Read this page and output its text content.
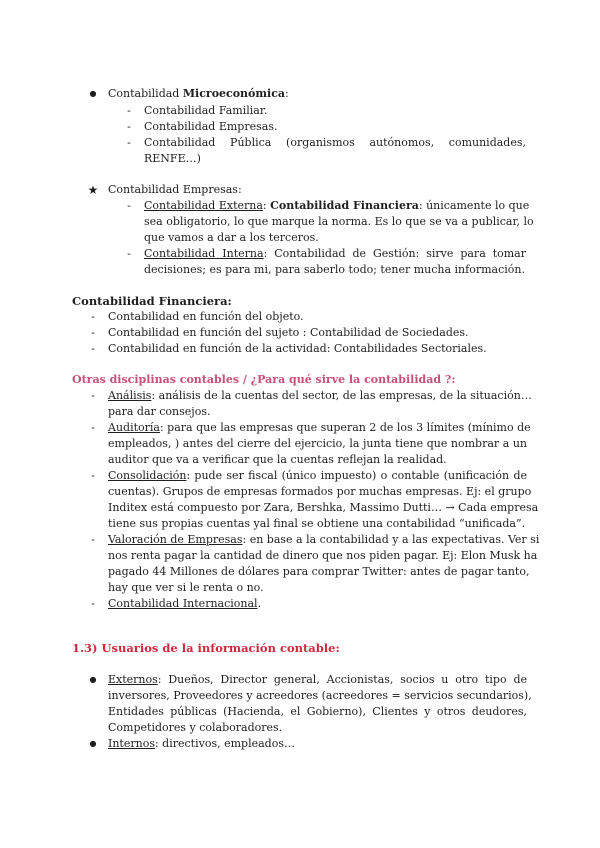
● Contabilidad Microeconómica:
-	Contabilidad Familiar.
-	Contabilidad Empresas.
-	Contabilidad Pública (organismos autónomos, comunidades,
RENFE…)
★ Contabilidad Empresas:
-	Contabilidad Externa: Contabilidad Financiera: únicamente lo que
sea obligatorio, lo que marque la norma. Es lo que se va a publicar, lo
que vamos a dar a los terceros.
-	Contabilidad Interna: Contabilidad de Gestión: sirve para tomar
decisiones; es para mi, para saberlo todo; tener mucha información.
Contabilidad Financiera:
-	Contabilidad en función del objeto.
-	Contabilidad en función del sujeto : Contabilidad de Sociedades.
-	Contabilidad en función de la actividad: Contabilidades Sectoriales.
Otras disciplinas contables / ¿Para qué sirve la contabilidad ?:
-	Análisis: análisis de la cuentas del sector, de las empresas, de la situación…
para dar consejos.
-	Auditoría: para que las empresas que superan 2 de los 3 límites (mínimo de
empleados, ) antes del cierre del ejercicio, la junta tiene que nombrar a un
auditor que va a verificar que la cuentas reflejan la realidad.
-	Consolidación: pude ser fiscal (único impuesto) o contable (unificación de
cuentas). Grupos de empresas formados por muchas empresas. Ej: el grupo
Inditex está compuesto por Zara, Bershka, Massimo Dutti… → Cada empresa
tiene sus propias cuentas yal final se obtiene una contabilidad “unificada”.
-	Valoración de Empresas: en base a la contabilidad y a las expectativas. Ver si
nos renta pagar la cantidad de dinero que nos piden pagar. Ej: Elon Musk ha
pagado 44 Millones de dólares para comprar Twitter: antes de pagar tanto,
hay que ver si le renta o no.
-	Contabilidad Internacional.
1.3) Usuarios de la información contable:
● Externos: Dueños, Director general, Accionistas, socios u otro tipo de
inversores, Proveedores y acreedores (acreedores = servicios secundarios),
Entidades públicas (Hacienda, el Gobierno), Clientes y otros deudores,
Competidores y colaboradores.
● Internos: directivos, empleados…
